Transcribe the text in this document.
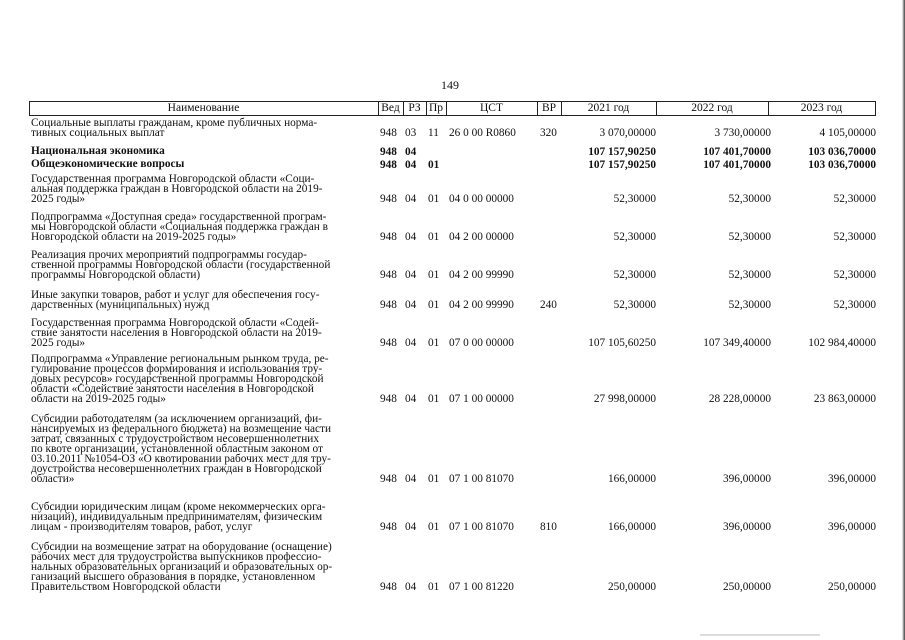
149
Наименование	Вед РЗ Пр	ЦСТ	ВР	2021 год	2022 год	2023 год
Социальные выплаты гражданам, кроме публичных норма-
тивных социальных выплат	948 03 11 26 0 00 R0860 320	3 070,00000	3 730,00000	4 105,00000
Национальная экономика	948 04	107 157,90250	107 401,70000	103 036,70000
Общеэкономические вопросы	948 04 01	107 157,90250	107 401,70000	103 036,70000
Государственная программа Новгородской области «Соци-
альная поддержка граждан в Новгородской области на 2019-
2025 годы»	948 04 01 04 0 00 00000	52,30000	52,30000	52,30000
Подпрограмма «Доступная среда» государственной програм-
мы Новгородской области «Социальная поддержка граждан в
Новгородской области на 2019-2025 годы»	948 04 01 04 2 00 00000	52,30000	52,30000	52,30000
Реализация прочих мероприятий подпрограммы государ-
ственной программы Новгородской области (государственной
программы Новгородской области)	948 04 01 04 2 00 99990	52,30000	52,30000	52,30000
Иные закупки товаров, работ и услуг для обеспечения госу-
дарственных (муниципальных) нужд	948 04 01 04 2 00 99990 240	52,30000	52,30000	52,30000
Государственная программа Новгородской области «Содей-
ствие занятости населения в Новгородской области на 2019-
2025 годы»	948 04 01 07 0 00 00000	107 105,60250	107 349,40000	102 984,40000
Подпрограмма «Управление региональным рынком труда, ре-
гулирование процессов формирования и использования тру-
довых ресурсов» государственной программы Новгородской
области «Содействие занятости населения в Новгородской
области на 2019-2025 годы»	948 04 01 07 1 00 00000	27 998,00000	28 228,00000	23 863,00000
Субсидии работодателям (за исключением организаций, фи-
нансируемых из федерального бюджета) на возмещение части
затрат, связанных с трудоустройством несовершеннолетних
по квоте организации, установленной областным законом от
03.10.2011 №1054-ОЗ «О квотировании рабочих мест для тру-
доустройства несовершеннолетних граждан в Новгородской
области»	948 04 01 07 1 00 81070	166,00000	396,00000	396,00000
Субсидии юридическим лицам (кроме некоммерческих орга-
низаций), индивидуальным предпринимателям, физическим
лицам - производителям товаров, работ, услуг	948 04 01 07 1 00 81070 810	166,00000	396,00000	396,00000
Субсидии на возмещение затрат на оборудование (оснащение)
рабочих мест для трудоустройства выпускников профессио-
нальных образовательных организаций и образовательных ор-
ганизаций высшего образования в порядке, установленном
Правительством Новгородской области	948 04 01 07 1 00 81220	250,00000	250,00000	250,00000
